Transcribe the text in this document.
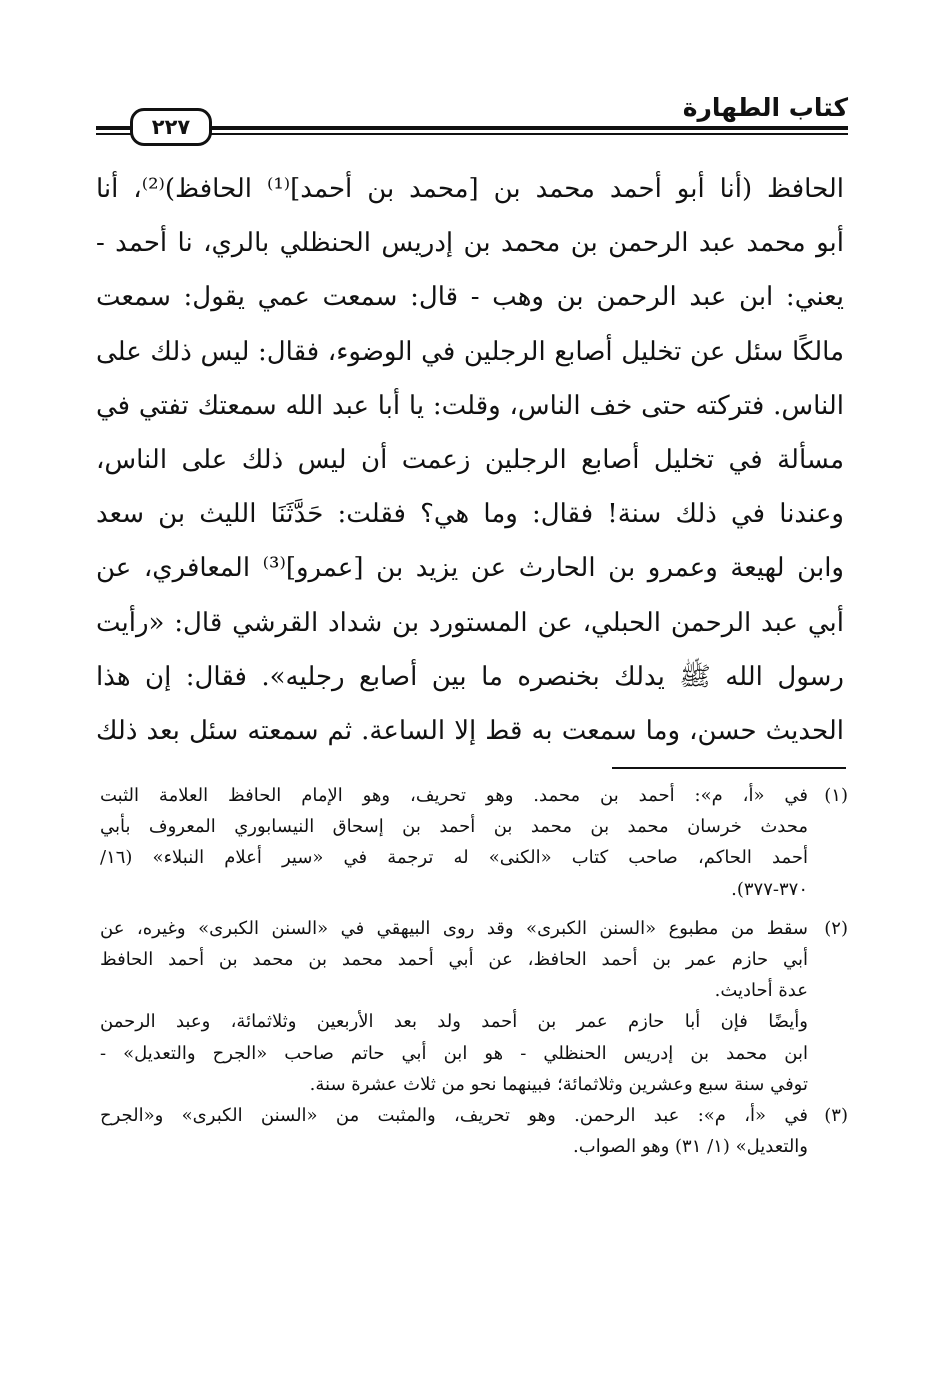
كتاب الطهارة
٢٢٧
الحافظ (أنا أبو أحمد محمد بن [محمد بن أحمد]⁽¹⁾ الحافظ)⁽²⁾، أنا
أبو محمد عبد الرحمن بن محمد بن إدريس الحنظلي بالري، نا أحمد -
يعني: ابن عبد الرحمن بن وهب - قال: سمعت عمي يقول: سمعت
مالكًا سئل عن تخليل أصابع الرجلين في الوضوء، فقال: ليس ذلك على
الناس. فتركته حتى خف الناس، وقلت: يا أبا عبد الله سمعتك تفتي في
مسألة في تخليل أصابع الرجلين زعمت أن ليس ذلك على الناس،
وعندنا في ذلك سنة! فقال: وما هي؟ فقلت: حَدَّثَنَا الليث بن سعد
وابن لهيعة وعمرو بن الحارث عن يزيد بن [عمرو]⁽³⁾ المعافري، عن
أبي عبد الرحمن الحبلي، عن المستورد بن شداد القرشي قال: «رأيت
رسول الله ﷺ يدلك بخنصره ما بين أصابع رجليه». فقال: إن هذا
الحديث حسن، وما سمعت به قط إلا الساعة. ثم سمعته سئل بعد ذلك
(١)في «أ، م»: أحمد بن محمد. وهو تحريف، وهو الإمام الحافظ العلامة الثبت
محدث خرسان محمد بن محمد بن أحمد بن إسحاق النيسابوري المعروف بأبي
أحمد الحاكم، صاحب كتاب «الكنى» له ترجمة في «سير أعلام النبلاء» (١٦/
٣٧٠-٣٧٧).
(٢)سقط من مطبوع «السنن الكبرى» وقد روى البيهقي في «السنن الكبرى» وغيره، عن
أبي حازم عمر بن أحمد الحافظ، عن أبي أحمد محمد بن محمد بن أحمد الحافظ
عدة أحاديث.
وأيضًا فإن أبا حازم عمر بن أحمد ولد بعد الأربعين وثلاثمائة، وعبد الرحمن
ابن محمد بن إدريس الحنظلي - هو ابن أبي حاتم صاحب «الجرح والتعديل» -
توفي سنة سبع وعشرين وثلاثمائة؛ فبينهما نحو من ثلاث عشرة سنة.
(٣)في «أ، م»: عبد الرحمن. وهو تحريف، والمثبت من «السنن الكبرى» و«الجرح
والتعديل» (١/ ٣١) وهو الصواب.
